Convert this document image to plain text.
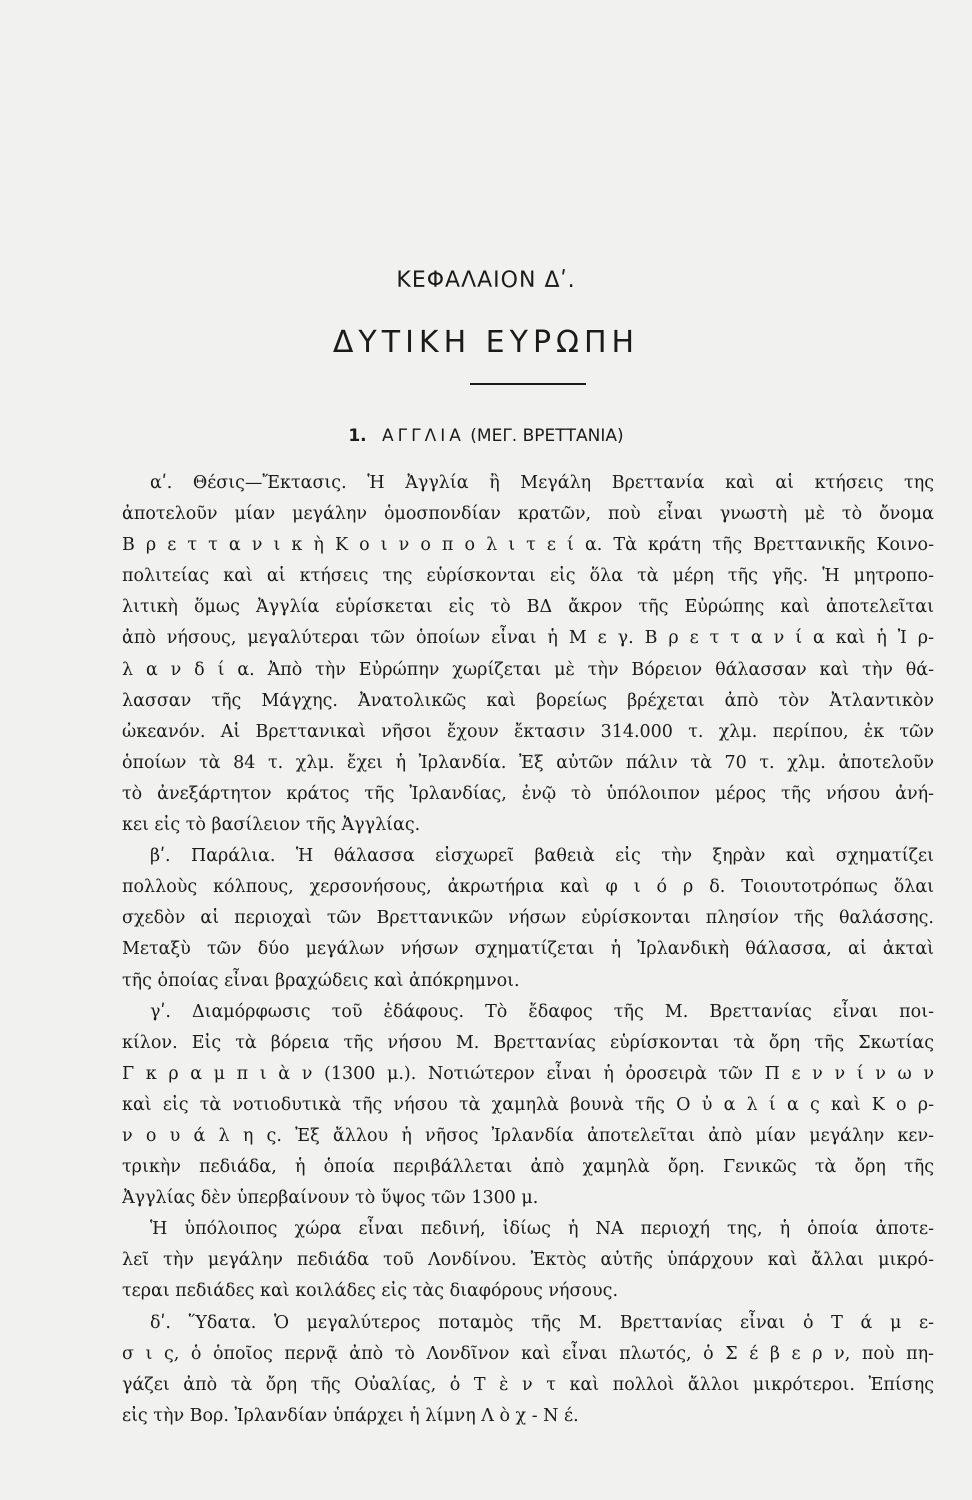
ΚΕΦΑΛΑΙΟΝ Δʹ.
ΔΥΤΙΚΗ ΕΥΡΩΠΗ
1. ΑΓΓΛΙΑ (ΜΕΓ. ΒΡΕΤΤΑΝΙΑ)
αʹ. Θέσις—Ἔκτασις. Ἡ Ἀγγλία ἢ Μεγάλη Βρεττανία καὶ αἱ κτήσεις της
ἀποτελοῦν μίαν μεγάλην ὁμοσπονδίαν κρατῶν, ποὺ εἶναι γνωστὴ μὲ τὸ ὄνομα
Β ρ ε τ τ α ν ι κ ὴ Κ ο ι ν ο π ο λ ι τ ε ί α. Τὰ κράτη τῆς Βρεττανικῆς Κοινο-
πολιτείας καὶ αἱ κτήσεις της εὑρίσκονται εἰς ὅλα τὰ μέρη τῆς γῆς. Ἡ μητροπο-
λιτικὴ ὅμως Ἀγγλία εὑρίσκεται εἰς τὸ ΒΔ ἄκρον τῆς Εὐρώπης καὶ ἀποτελεῖται
ἀπὸ νήσους, μεγαλύτεραι τῶν ὁποίων εἶναι ἡ Μ ε γ. Β ρ ε τ τ α ν ί α καὶ ἡ Ἰ ρ-
λ α ν δ ί α. Ἀπὸ τὴν Εὐρώπην χωρίζεται μὲ τὴν Βόρειον θάλασσαν καὶ τὴν θά-
λασσαν τῆς Μάγχης. Ἀνατολικῶς καὶ βορείως βρέχεται ἀπὸ τὸν Ἀτλαντικὸν
ὠκεανόν. Αἱ Βρεττανικαὶ νῆσοι ἔχουν ἔκτασιν 314.000 τ. χλμ. περίπου, ἐκ τῶν
ὁποίων τὰ 84 τ. χλμ. ἔχει ἡ Ἰρλανδία. Ἐξ αὐτῶν πάλιν τὰ 70 τ. χλμ. ἀποτελοῦν
τὸ ἀνεξάρτητον κράτος τῆς Ἰρλανδίας, ἐνῷ τὸ ὑπόλοιπον μέρος τῆς νήσου ἀνή-
κει εἰς τὸ βασίλειον τῆς Ἀγγλίας.
βʹ. Παράλια. Ἡ θάλασσα εἰσχωρεῖ βαθειὰ εἰς τὴν ξηρὰν καὶ σχηματίζει
πολλοὺς κόλπους, χερσονήσους, ἀκρωτήρια καὶ φ ι ό ρ δ. Τοιουτοτρόπως ὅλαι
σχεδὸν αἱ περιοχαὶ τῶν Βρεττανικῶν νήσων εὑρίσκονται πλησίον τῆς θαλάσσης.
Μεταξὺ τῶν δύο μεγάλων νήσων σχηματίζεται ἡ Ἰρλανδικὴ θάλασσα, αἱ ἀκταὶ
τῆς ὁποίας εἶναι βραχώδεις καὶ ἀπόκρημνοι.
γʹ. Διαμόρφωσις τοῦ ἐδάφους. Τὸ ἔδαφος τῆς Μ. Βρεττανίας εἶναι ποι-
κίλον. Εἰς τὰ βόρεια τῆς νήσου Μ. Βρεττανίας εὑρίσκονται τὰ ὄρη τῆς Σκωτίας
Γ κ ρ α μ π ι ὰ ν (1300 μ.). Νοτιώτερον εἶναι ἡ ὀροσειρὰ τῶν Π ε ν ν ί ν ω ν
καὶ εἰς τὰ νοτιοδυτικὰ τῆς νήσου τὰ χαμηλὰ βουνὰ τῆς Ο ὐ α λ ί α ς καὶ Κ ο ρ-
ν ο υ ά λ η ς. Ἐξ ἄλλου ἡ νῆσος Ἰρλανδία ἀποτελεῖται ἀπὸ μίαν μεγάλην κεν-
τρικὴν πεδιάδα, ἡ ὁποία περιβάλλεται ἀπὸ χαμηλὰ ὄρη. Γενικῶς τὰ ὄρη τῆς
Ἀγγλίας δὲν ὑπερβαίνουν τὸ ὕψος τῶν 1300 μ.
Ἡ ὑπόλοιπος χώρα εἶναι πεδινή, ἰδίως ἡ ΝΑ περιοχή της, ἡ ὁποία ἀποτε-
λεῖ τὴν μεγάλην πεδιάδα τοῦ Λονδίνου. Ἐκτὸς αὐτῆς ὑπάρχουν καὶ ἄλλαι μικρό-
τεραι πεδιάδες καὶ κοιλάδες εἰς τὰς διαφόρους νήσους.
δʹ. Ὕδατα. Ὁ μεγαλύτερος ποταμὸς τῆς Μ. Βρεττανίας εἶναι ὁ Τ ά μ ε-
σ ι ς, ὁ ὁποῖος περνᾷ ἀπὸ τὸ Λονδῖνον καὶ εἶναι πλωτός, ὁ Σ έ β ε ρ ν, ποὺ πη-
γάζει ἀπὸ τὰ ὄρη τῆς Οὐαλίας, ὁ Τ ὲ ν τ καὶ πολλοὶ ἄλλοι μικρότεροι. Ἐπίσης
εἰς τὴν Βορ. Ἰρλανδίαν ὑπάρχει ἡ λίμνη Λ ὸ χ - Ν έ.
